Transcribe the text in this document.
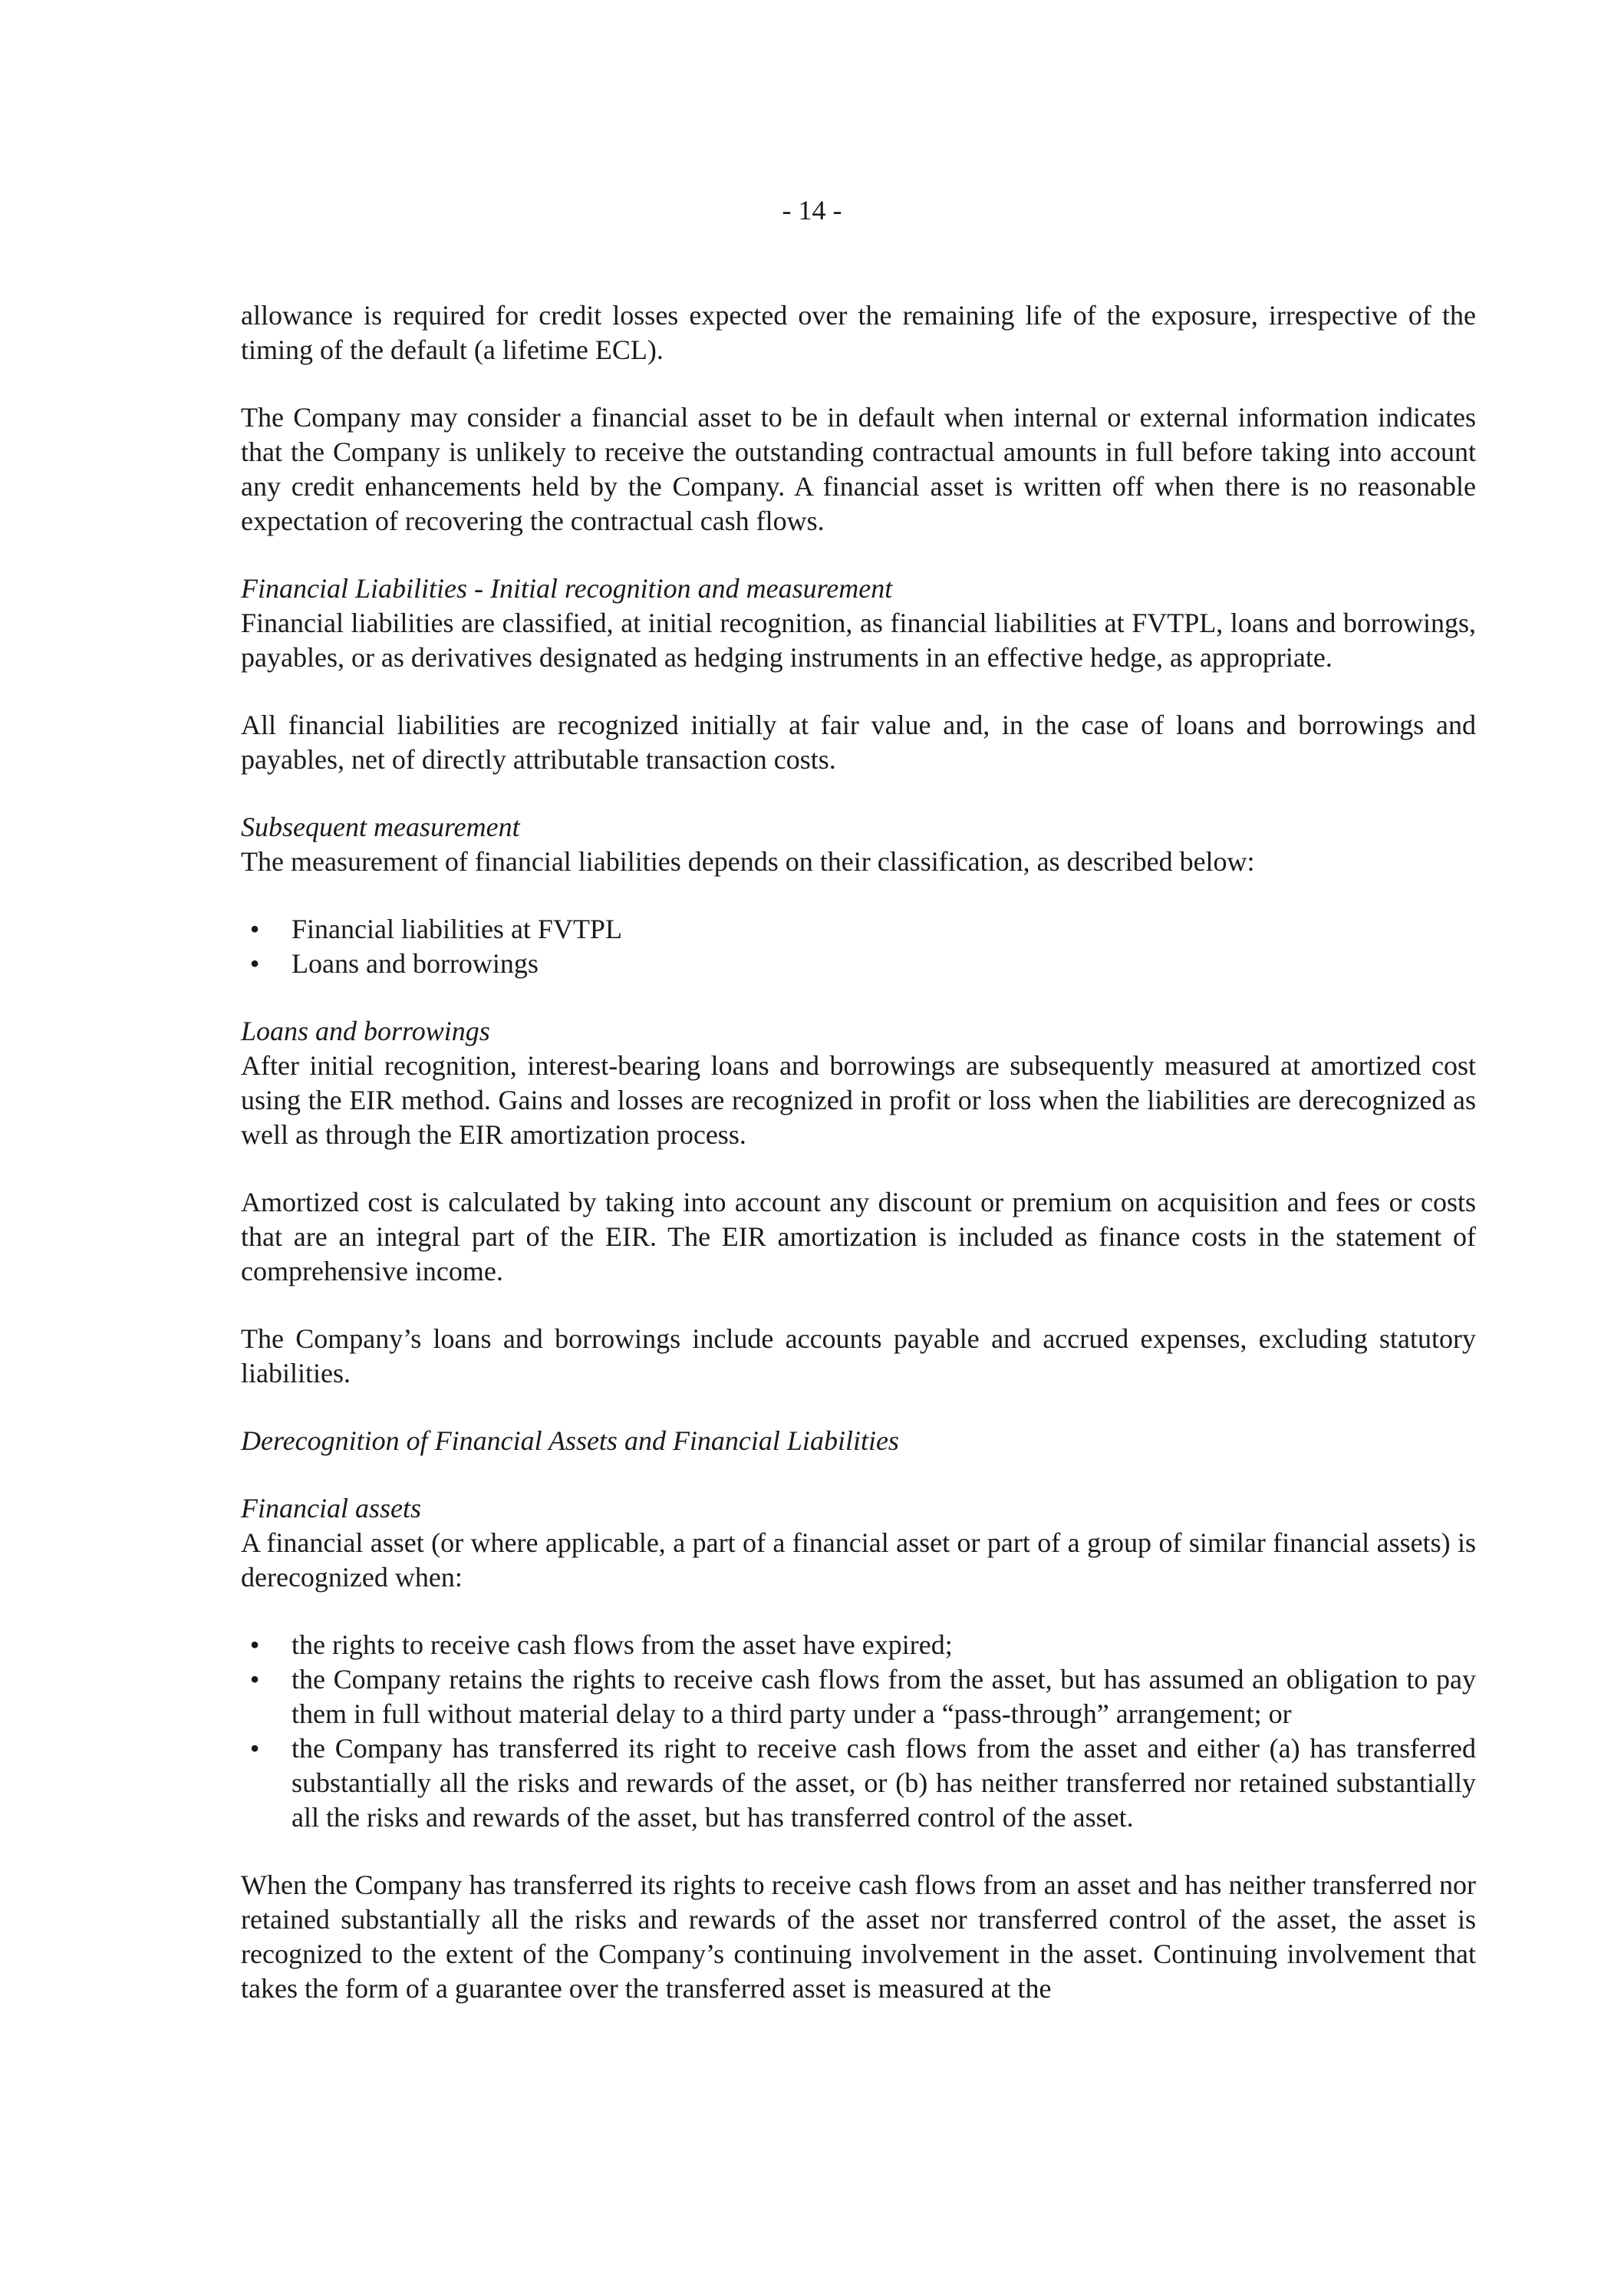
- 14 -

allowance is required for credit losses expected over the remaining life of the exposure, irrespective of the timing of the default (a lifetime ECL).

The Company may consider a financial asset to be in default when internal or external information indicates that the Company is unlikely to receive the outstanding contractual amounts in full before taking into account any credit enhancements held by the Company. A financial asset is written off when there is no reasonable expectation of recovering the contractual cash flows.

Financial Liabilities - Initial recognition and measurement

Financial liabilities are classified, at initial recognition, as financial liabilities at FVTPL, loans and borrowings, payables, or as derivatives designated as hedging instruments in an effective hedge, as appropriate.

All financial liabilities are recognized initially at fair value and, in the case of loans and borrowings and payables, net of directly attributable transaction costs.

Subsequent measurement

The measurement of financial liabilities depends on their classification, as described below:

• Financial liabilities at FVTPL
• Loans and borrowings

Loans and borrowings

After initial recognition, interest-bearing loans and borrowings are subsequently measured at amortized cost using the EIR method. Gains and losses are recognized in profit or loss when the liabilities are derecognized as well as through the EIR amortization process.

Amortized cost is calculated by taking into account any discount or premium on acquisition and fees or costs that are an integral part of the EIR. The EIR amortization is included as finance costs in the statement of comprehensive income.

The Company’s loans and borrowings include accounts payable and accrued expenses, excluding statutory liabilities.

Derecognition of Financial Assets and Financial Liabilities

Financial assets

A financial asset (or where applicable, a part of a financial asset or part of a group of similar financial assets) is derecognized when:

• the rights to receive cash flows from the asset have expired;
• the Company retains the rights to receive cash flows from the asset, but has assumed an obligation to pay them in full without material delay to a third party under a “pass-through” arrangement; or
• the Company has transferred its right to receive cash flows from the asset and either (a) has transferred substantially all the risks and rewards of the asset, or (b) has neither transferred nor retained substantially all the risks and rewards of the asset, but has transferred control of the asset.

When the Company has transferred its rights to receive cash flows from an asset and has neither transferred nor retained substantially all the risks and rewards of the asset nor transferred control of the asset, the asset is recognized to the extent of the Company’s continuing involvement in the asset. Continuing involvement that takes the form of a guarantee over the transferred asset is measured at the
